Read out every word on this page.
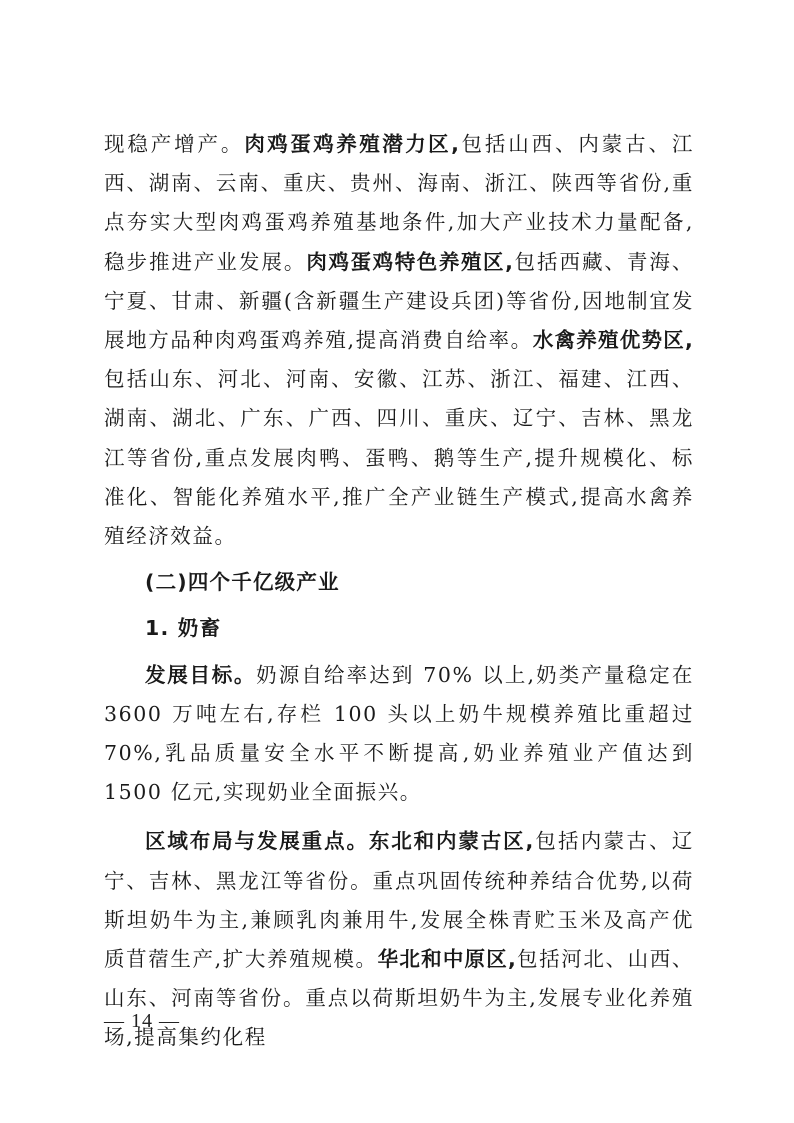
现稳产增产。肉鸡蛋鸡养殖潜力区,包括山西、内蒙古、江西、湖南、云南、重庆、贵州、海南、浙江、陕西等省份,重点夯实大型肉鸡蛋鸡养殖基地条件,加大产业技术力量配备,稳步推进产业发展。肉鸡蛋鸡特色养殖区,包括西藏、青海、宁夏、甘肃、新疆(含新疆生产建设兵团)等省份,因地制宜发展地方品种肉鸡蛋鸡养殖,提高消费自给率。水禽养殖优势区,包括山东、河北、河南、安徽、江苏、浙江、福建、江西、湖南、湖北、广东、广西、四川、重庆、辽宁、吉林、黑龙江等省份,重点发展肉鸭、蛋鸭、鹅等生产,提升规模化、标准化、智能化养殖水平,推广全产业链生产模式,提高水禽养殖经济效益。

(二)四个千亿级产业

1. 奶畜

发展目标。奶源自给率达到 70% 以上,奶类产量稳定在 3600 万吨左右,存栏 100 头以上奶牛规模养殖比重超过 70%,乳品质量安全水平不断提高,奶业养殖业产值达到 1500 亿元,实现奶业全面振兴。

区域布局与发展重点。东北和内蒙古区,包括内蒙古、辽宁、吉林、黑龙江等省份。重点巩固传统种养结合优势,以荷斯坦奶牛为主,兼顾乳肉兼用牛,发展全株青贮玉米及高产优质苜蓿生产,扩大养殖规模。华北和中原区,包括河北、山西、山东、河南等省份。重点以荷斯坦奶牛为主,发展专业化养殖场,提高集约化程

— 14 —
